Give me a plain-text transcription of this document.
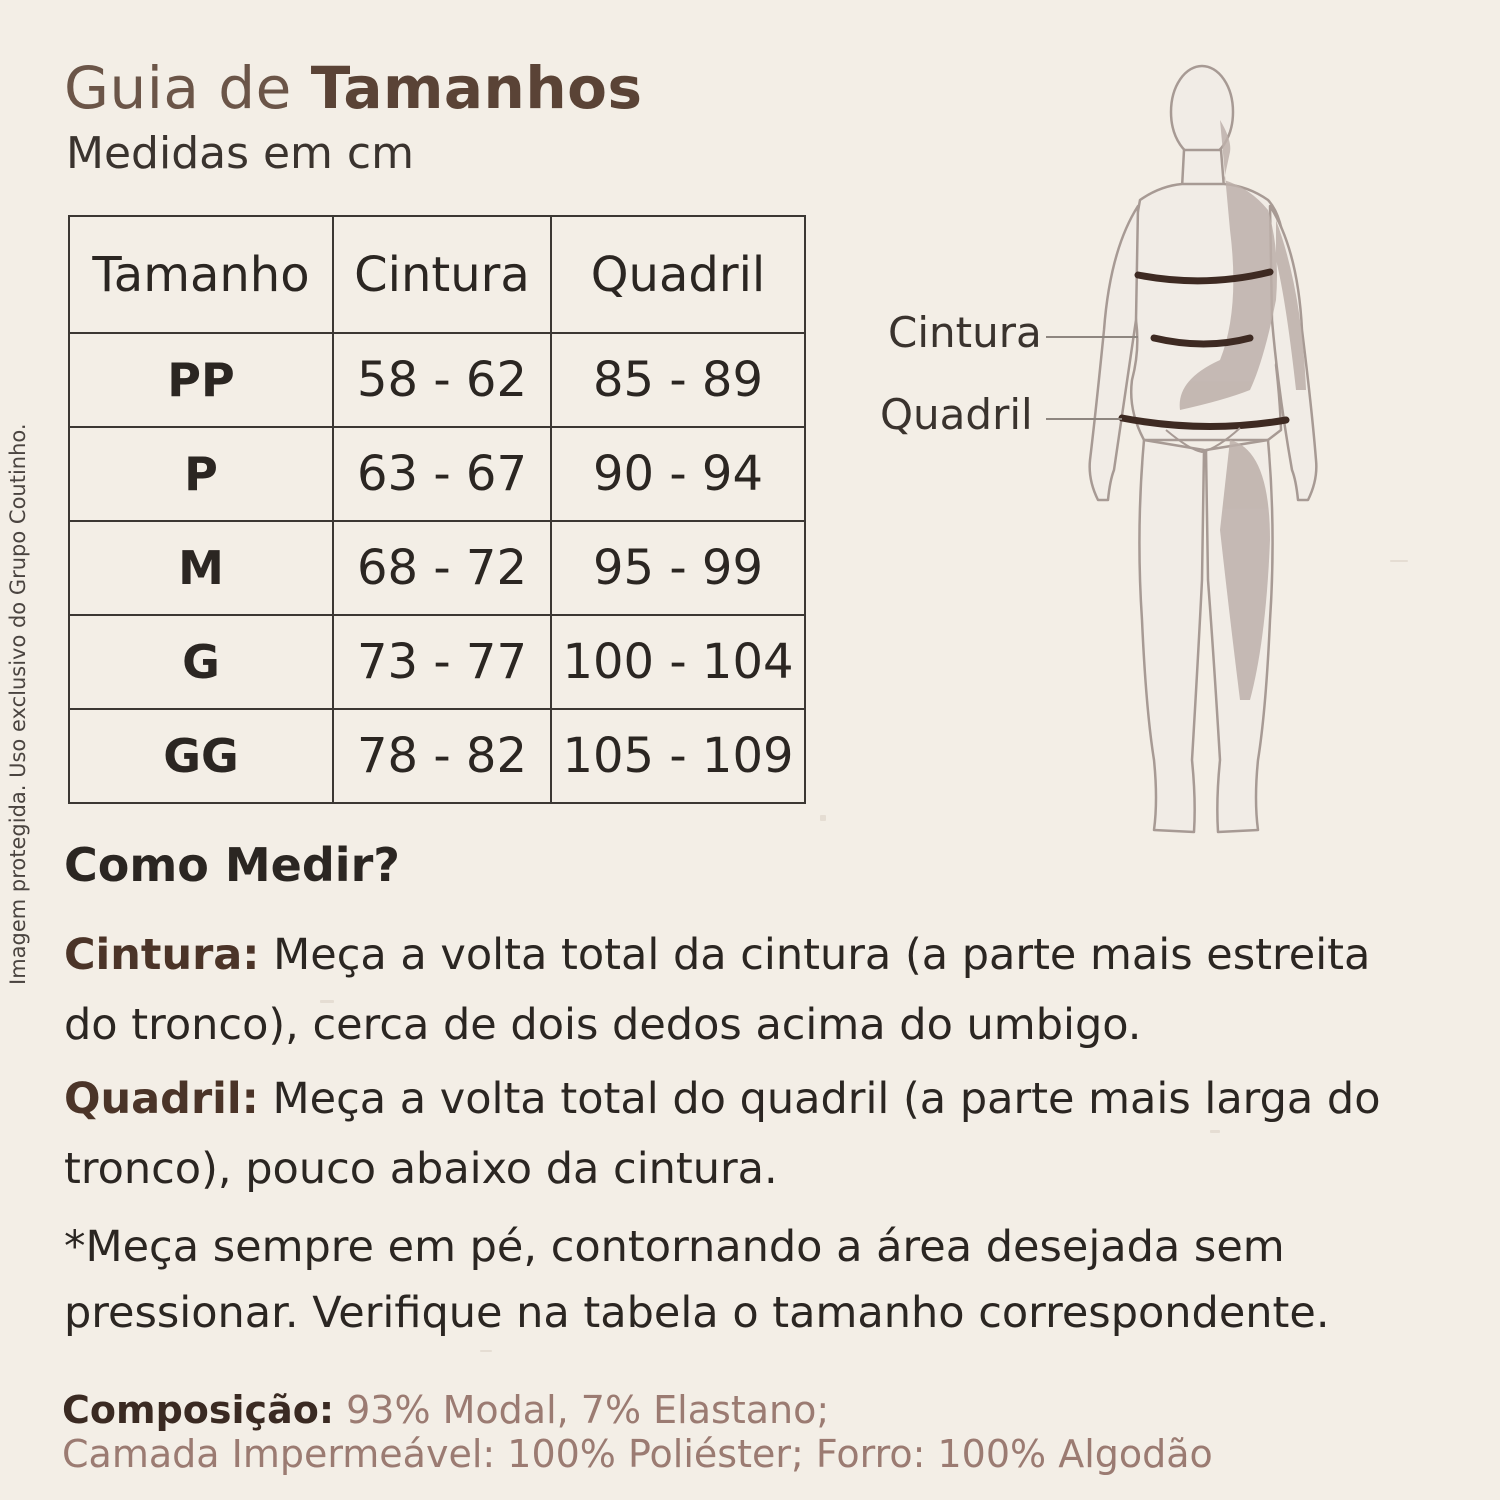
Guia de Tamanhos
Medidas em cm
Imagem protegida. Uso exclusivo do Grupo Coutinho.
Tamanho	Cintura	Quadril
PP	58 - 62	85 - 89
P	63 - 67	90 - 94
M	68 - 72	95 - 99
G	73 - 77	100 - 104
GG	78 - 82	105 - 109
Cintura
Quadril
Como Medir?
Cintura: Meça a volta total da cintura (a parte mais estreita do tronco), cerca de dois dedos acima do umbigo.
Quadril: Meça a volta total do quadril (a parte mais larga do tronco), pouco abaixo da cintura.
*Meça sempre em pé, contornando a área desejada sem pressionar. Verifique na tabela o tamanho correspondente.
Composição: 93% Modal, 7% Elastano;
Camada Impermeável: 100% Poliéster; Forro: 100% Algodão
